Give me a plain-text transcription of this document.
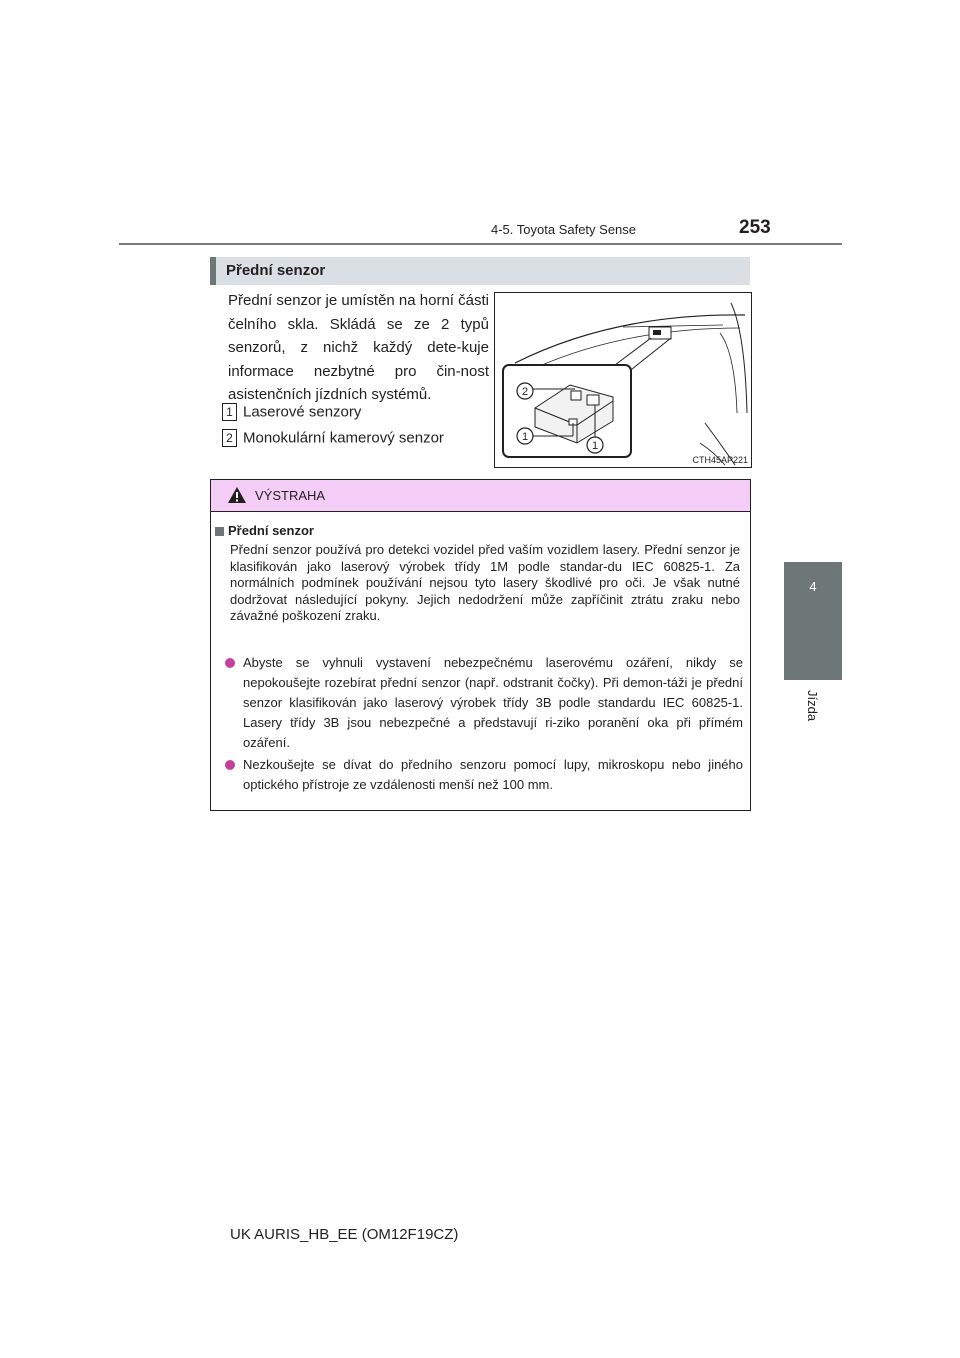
4-5. Toyota Safety Sense	253
4
Jízda
Přední senzor
Přední senzor je umístěn na horní části čelního skla. Skládá se ze 2 typů senzorů, z nichž každý dete-kuje informace nezbytné pro čin-nost asistenčních jízdních systémů.
1 Laserové senzory
2 Monokulární kamerový senzor
2
1
1
CTH45AP221
VÝSTRAHA
Přední senzor
Přední senzor používá pro detekci vozidel před vaším vozidlem lasery. Přední senzor je klasifikován jako laserový výrobek třídy 1M podle standar-du IEC 60825-1. Za normálních podmínek používání nejsou tyto lasery škodlivé pro oči. Je však nutné dodržovat následující pokyny. Jejich nedodržení může zapříčinit ztrátu zraku nebo závažné poškození zraku.
Abyste se vyhnuli vystavení nebezpečnému laserovému ozáření, nikdy se nepokoušejte rozebírat přední senzor (např. odstranit čočky). Při demon-táži je přední senzor klasifikován jako laserový výrobek třídy 3B podle standardu IEC 60825-1. Lasery třídy 3B jsou nebezpečné a představují ri-ziko poranění oka při přímém ozáření.
Nezkoušejte se dívat do předního senzoru pomocí lupy, mikroskopu nebo jiného optického přístroje ze vzdálenosti menší než 100 mm.
UK AURIS_HB_EE (OM12F19CZ)
